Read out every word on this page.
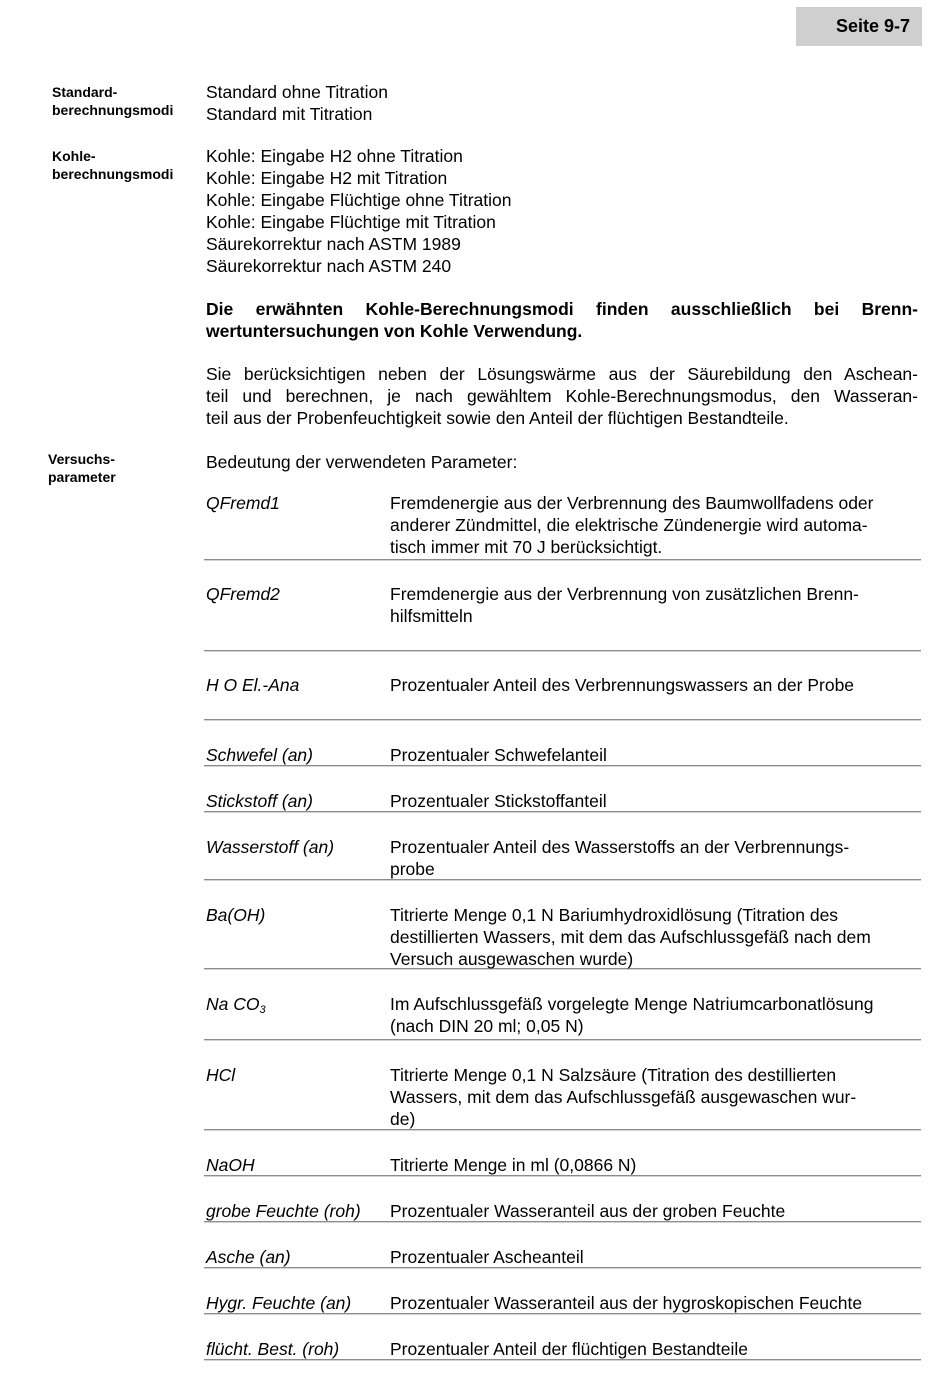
Seite 9-7
Standard-
berechnungsmodi
Standard ohne Titration
Standard mit Titration
Kohle-
berechnungsmodi
Kohle: Eingabe H2 ohne Titration
Kohle: Eingabe H2 mit Titration
Kohle: Eingabe Flüchtige ohne Titration
Kohle: Eingabe Flüchtige mit Titration
Säurekorrektur nach ASTM 1989
Säurekorrektur nach ASTM 240
Die erwähnten Kohle-Berechnungsmodi finden ausschließlich bei Brenn-
wertuntersuchungen von Kohle Verwendung.
Sie berücksichtigen neben der Lösungswärme aus der Säurebildung den Aschean-
teil und berechnen, je nach gewähltem Kohle-Berechnungsmodus, den Wasseran-
teil aus der Probenfeuchtigkeit sowie den Anteil der flüchtigen Bestandteile.
Versuchs-
parameter
Bedeutung der verwendeten Parameter:
QFremd1	Fremdenergie aus der Verbrennung des Baumwollfadens oder
anderer Zündmittel, die elektrische Zündenergie wird automa-
tisch immer mit 70 J berücksichtigt.
QFremd2	Fremdenergie aus der Verbrennung von zusätzlichen Brenn-
hilfsmitteln
H O El.-Ana	Prozentualer Anteil des Verbrennungswassers an der Probe
Schwefel (an)	Prozentualer Schwefelanteil
Stickstoff (an)	Prozentualer Stickstoffanteil
Wasserstoff (an)	Prozentualer Anteil des Wasserstoffs an der Verbrennungs-
probe
Ba(OH)	Titrierte Menge 0,1 N Bariumhydroxidlösung (Titration des
destillierten Wassers, mit dem das Aufschlussgefäß nach dem
Versuch ausgewaschen wurde)
Na $CO_3$	Im Aufschlussgefäß vorgelegte Menge Natriumcarbonatlösung
(nach DIN 20 ml; 0,05 N)
HCl	Titrierte Menge 0,1 N Salzsäure (Titration des destillierten
Wassers, mit dem das Aufschlussgefäß ausgewaschen wur-
de)
NaOH	Titrierte Menge in ml (0,0866 N)
grobe Feuchte (roh) Prozentualer Wasseranteil aus der groben Feuchte
Asche (an)	Prozentualer Ascheanteil
Hygr. Feuchte (an) Prozentualer Wasseranteil aus der hygroskopischen Feuchte
flücht. Best. (roh)	Prozentualer Anteil der flüchtigen Bestandteile
